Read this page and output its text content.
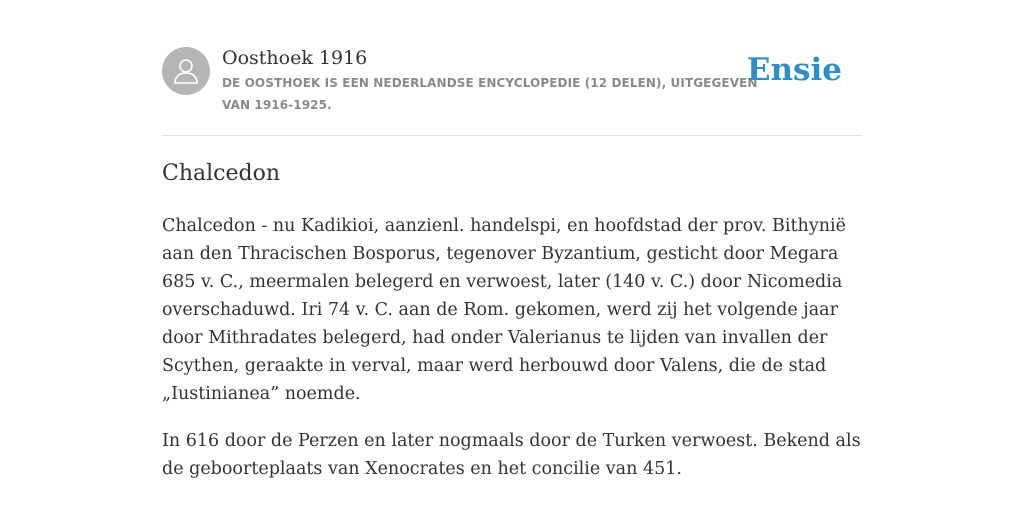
Oosthoek 1916
DE OOSTHOEK IS EEN NEDERLANDSE ENCYCLOPEDIE (12 DELEN), UITGEGEVEN VAN 1916-1925.
Ensie
Chalcedon

Chalcedon - nu Kadikioi, aanzienl. handelspi, en hoofdstad der prov. Bithynië aan den Thracischen Bosporus, tegenover Byzantium, gesticht door Megara 685 v. C., meermalen belegerd en verwoest, later (140 v. C.) door Nicomedia overschaduwd. Iri 74 v. C. aan de Rom. gekomen, werd zij het volgende jaar door Mithradates belegerd, had onder Valerianus te lijden van invallen der Scythen, geraakte in verval, maar werd herbouwd door Valens, die de stad „Iustinianea” noemde.

In 616 door de Perzen en later nogmaals door de Turken verwoest. Bekend als de geboorteplaats van Xenocrates en het concilie van 451.
